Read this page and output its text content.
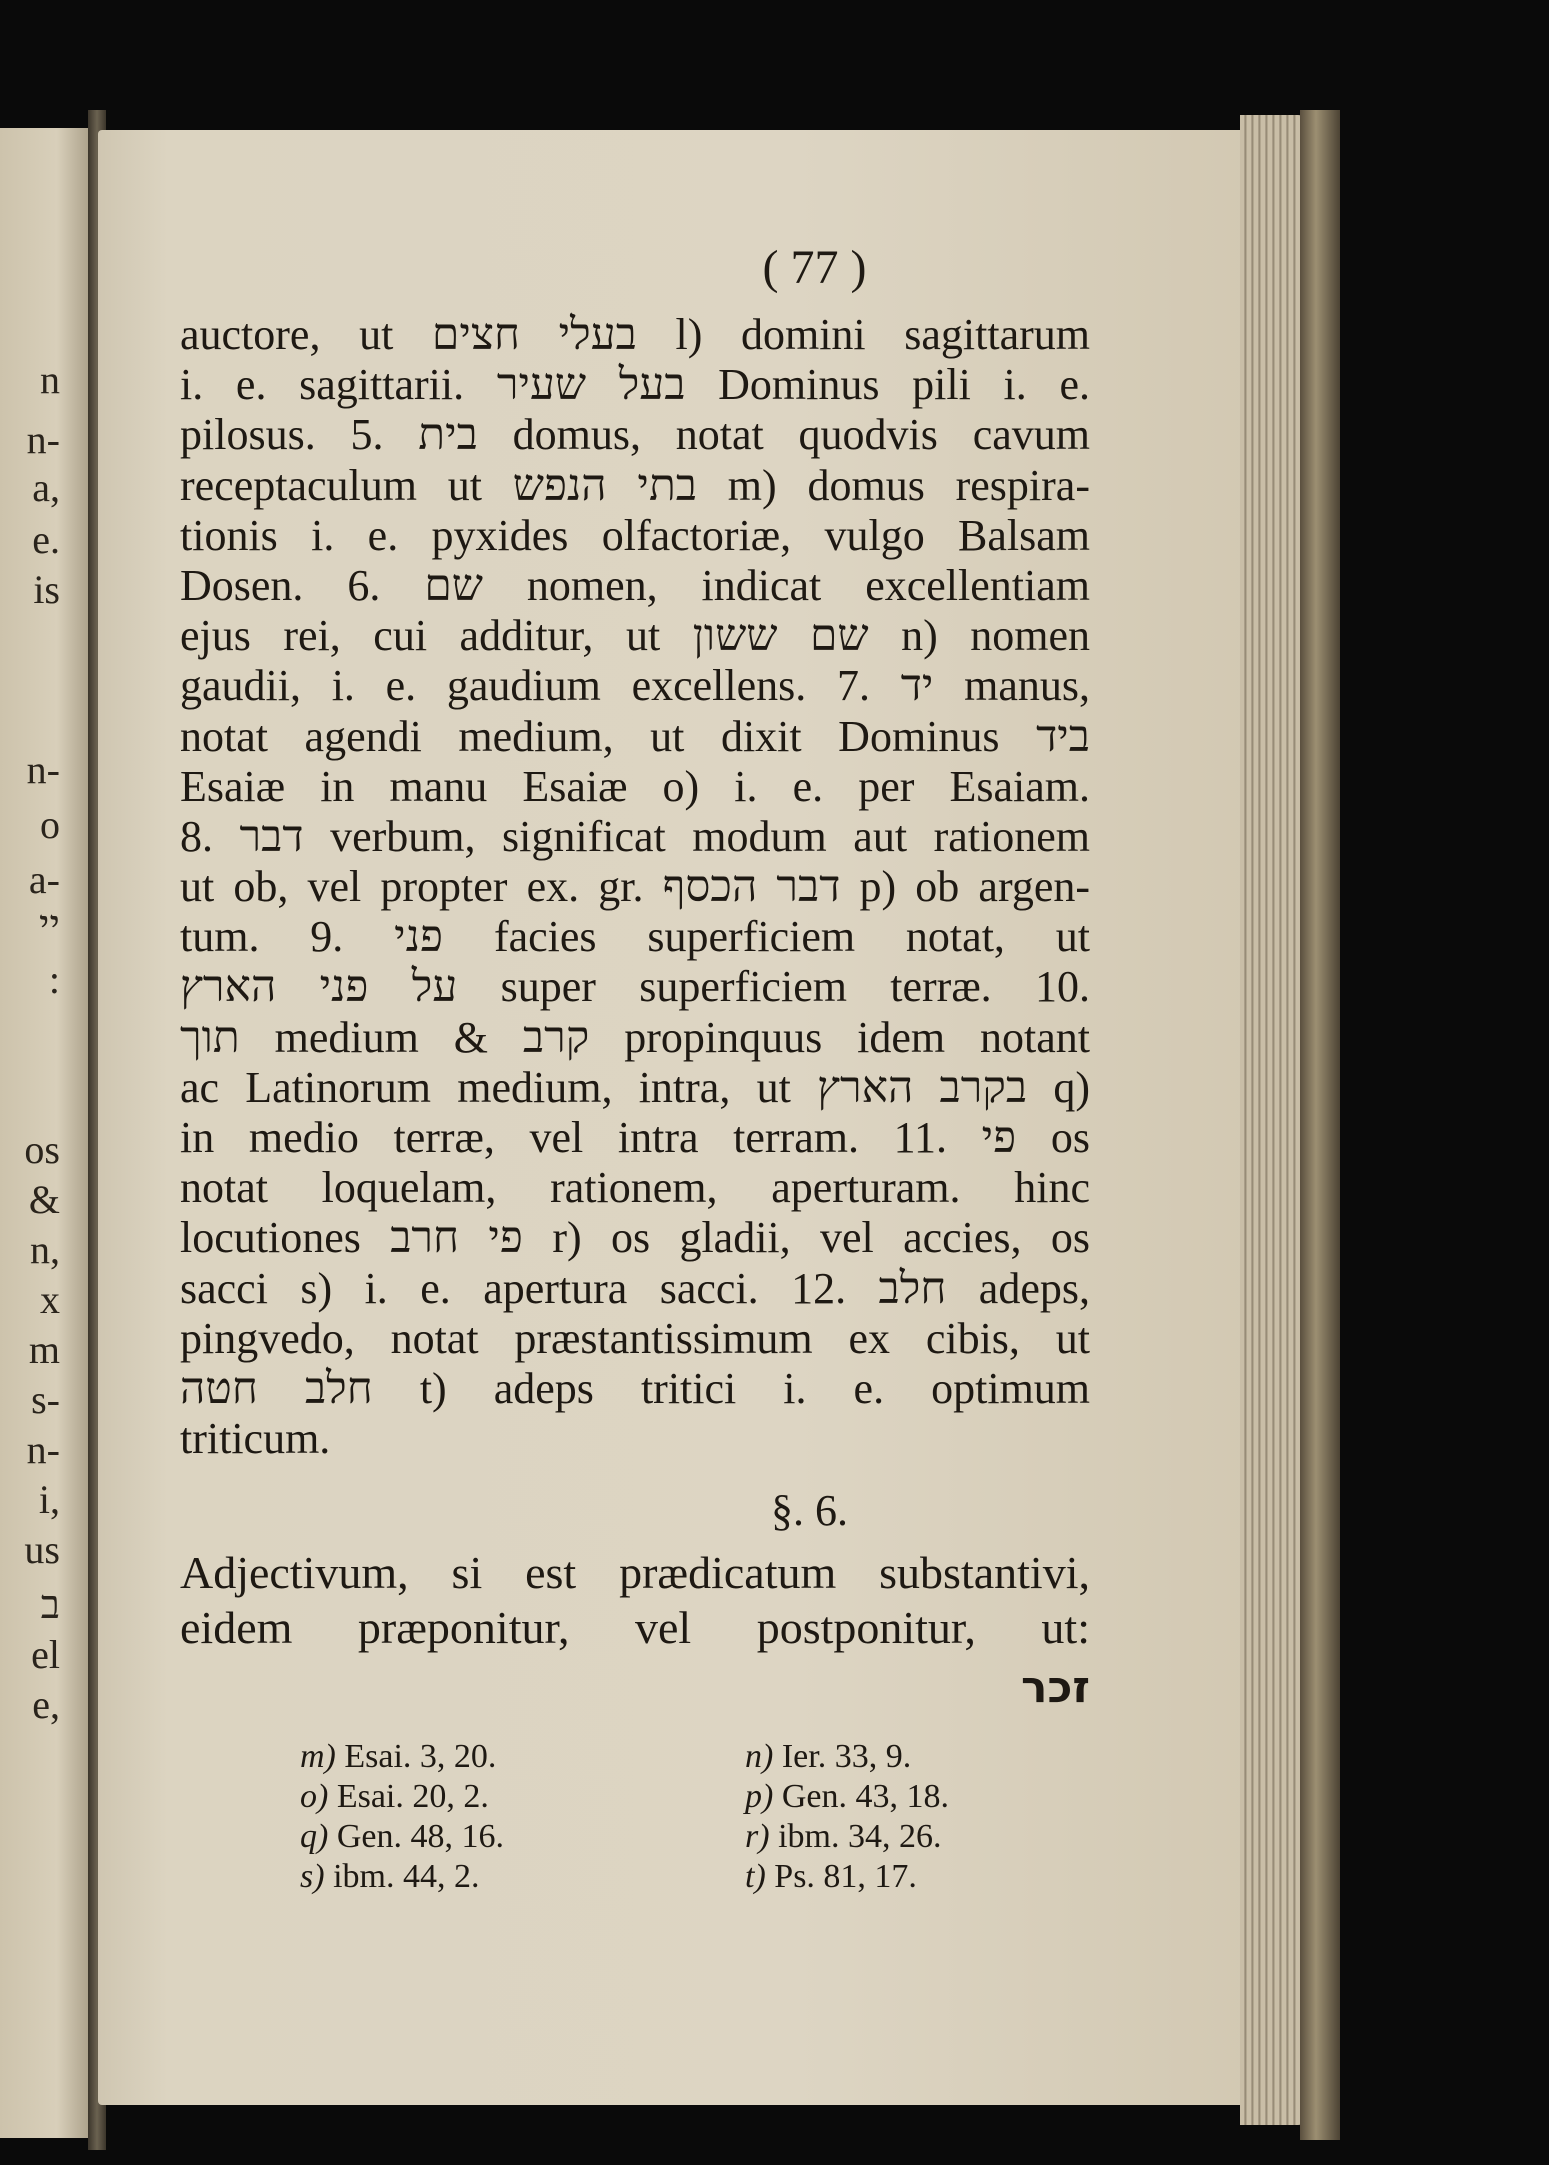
n
n-
a,
e.
is
n-
o
a-
יי
:
os
&
n,
x
m
s-
n-
i,
us
ב
el
e,
( 77 )
auctore, ut בעלי חצים l) domini sagittarum
i. e. sagittarii. בעל שעיר Dominus pili i. e.
pilosus. 5. בית domus, notat quodvis cavum
receptaculum ut בתי הנפש m) domus respira-
tionis i. e. pyxides olfactoriæ, vulgo Balsam
Dosen. 6. שם nomen, indicat excellentiam
ejus rei, cui additur, ut שם ששון n) nomen
gaudii, i. e. gaudium excellens. 7. יד manus,
notat agendi medium, ut dixit Dominus ביד
Esaiæ in manu Esaiæ o) i. e. per Esaiam.
8. דבר verbum, significat modum aut rationem
ut ob, vel propter ex. gr. דבר הכסף p) ob argen-
tum. 9. פני facies superficiem notat, ut
על פני הארץ super superficiem terræ. 10.
תוך medium & קרב propinquus idem notant
ac Latinorum medium, intra, ut בקרב הארץ q)
in medio terræ, vel intra terram. 11. פי os
notat loquelam, rationem, aperturam. hinc
locutiones פי חרב r) os gladii, vel accies, os
sacci s) i. e. apertura sacci. 12. חלב adeps,
pingvedo, notat præstantissimum ex cibis, ut
חלב חטה t) adeps tritici i. e. optimum
triticum.
§. 6.
Adjectivum, si est prædicatum substantivi,
eidem præponitur, vel postponitur, ut:
זכר
m) Esai. 3, 20.	n) Ier. 33, 9.
o) Esai. 20, 2.	p) Gen. 43, 18.
q) Gen. 48, 16.	r) ibm. 34, 26.
s) ibm. 44, 2.	t) Ps. 81, 17.
